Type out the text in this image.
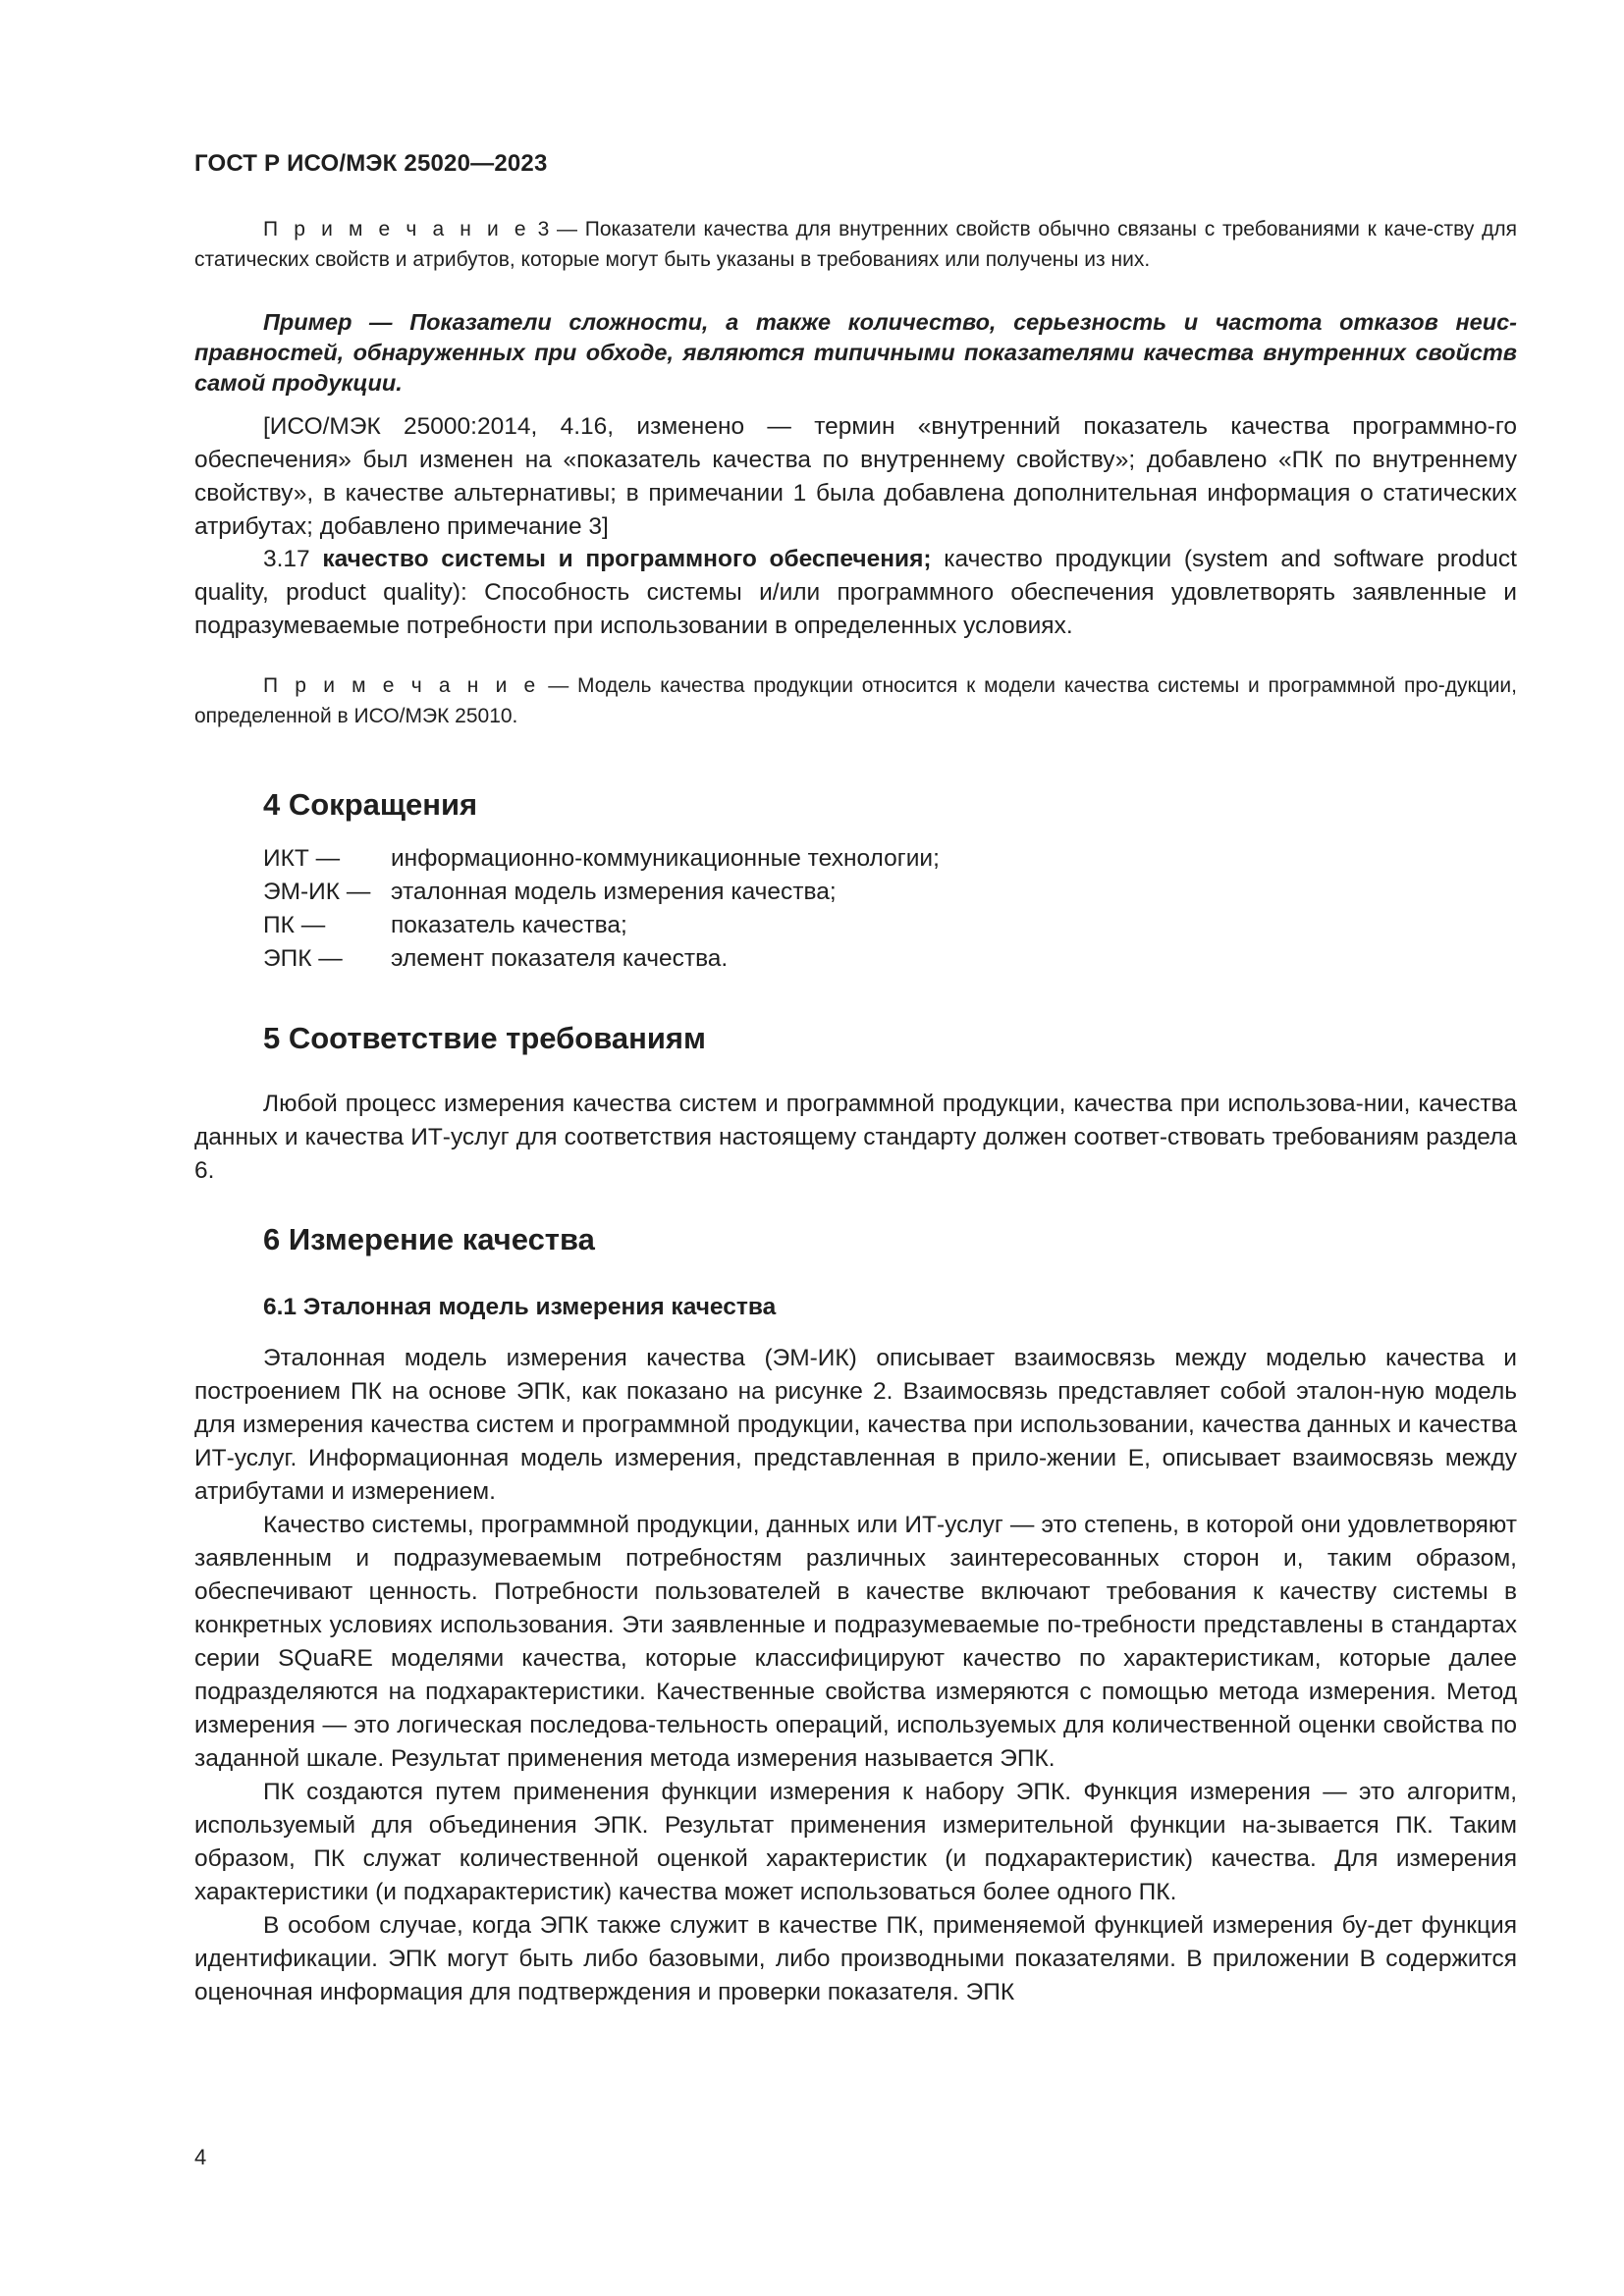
ГОСТ Р ИСО/МЭК 25020—2023

П р и м е ч а н и е 3 — Показатели качества для внутренних свойств обычно связаны с требованиями к каче-ству для статических свойств и атрибутов, которые могут быть указаны в требованиях или получены из них.

Пример — Показатели сложности, а также количество, серьезность и частота отказов неис-правностей, обнаруженных при обходе, являются типичными показателями качества внутренних свойств самой продукции.

[ИСО/МЭК 25000:2014, 4.16, изменено — термин «внутренний показатель качества программно-го обеспечения» был изменен на «показатель качества по внутреннему свойству»; добавлено «ПК по внутреннему свойству», в качестве альтернативы; в примечании 1 была добавлена дополнительная информация о статических атрибутах; добавлено примечание 3]

3.17 качество системы и программного обеспечения; качество продукции (system and software product quality, product quality): Способность системы и/или программного обеспечения удовлетворять заявленные и подразумеваемые потребности при использовании в определенных условиях.

П р и м е ч а н и е — Модель качества продукции относится к модели качества системы и программной про-дукции, определенной в ИСО/МЭК 25010.

4 Сокращения
ИКТ —	информационно-коммуникационные технологии;
ЭМ-ИК — эталонная модель измерения качества;
ПК —	показатель качества;
ЭПК —	элемент показателя качества.
5 Соответствие требованиям

Любой процесс измерения качества систем и программной продукции, качества при использова-нии, качества данных и качества ИТ-услуг для соответствия настоящему стандарту должен соответ-ствовать требованиям раздела 6.

6 Измерение качества
6.1 Эталонная модель измерения качества

Эталонная модель измерения качества (ЭМ-ИК) описывает взаимосвязь между моделью качества и построением ПК на основе ЭПК, как показано на рисунке 2. Взаимосвязь представляет собой эталон-ную модель для измерения качества систем и программной продукции, качества при использовании, качества данных и качества ИТ-услуг. Информационная модель измерения, представленная в прило-жении Е, описывает взаимосвязь между атрибутами и измерением.

Качество системы, программной продукции, данных или ИТ-услуг — это степень, в которой они удовлетворяют заявленным и подразумеваемым потребностям различных заинтересованных сторон и, таким образом, обеспечивают ценность. Потребности пользователей в качестве включают требования к качеству системы в конкретных условиях использования. Эти заявленные и подразумеваемые по-требности представлены в стандартах серии SQuaRE моделями качества, которые классифицируют качество по характеристикам, которые далее подразделяются на подхарактеристики. Качественные свойства измеряются с помощью метода измерения. Метод измерения — это логическая последова-тельность операций, используемых для количественной оценки свойства по заданной шкале. Результат применения метода измерения называется ЭПК.

ПК создаются путем применения функции измерения к набору ЭПК. Функция измерения — это алгоритм, используемый для объединения ЭПК. Результат применения измерительной функции на-зывается ПК. Таким образом, ПК служат количественной оценкой характеристик (и подхарактеристик) качества. Для измерения характеристики (и подхарактеристик) качества может использоваться более одного ПК.

В особом случае, когда ЭПК также служит в качестве ПК, применяемой функцией измерения бу-дет функция идентификации. ЭПК могут быть либо базовыми, либо производными показателями. В приложении В содержится оценочная информация для подтверждения и проверки показателя. ЭПК

4
